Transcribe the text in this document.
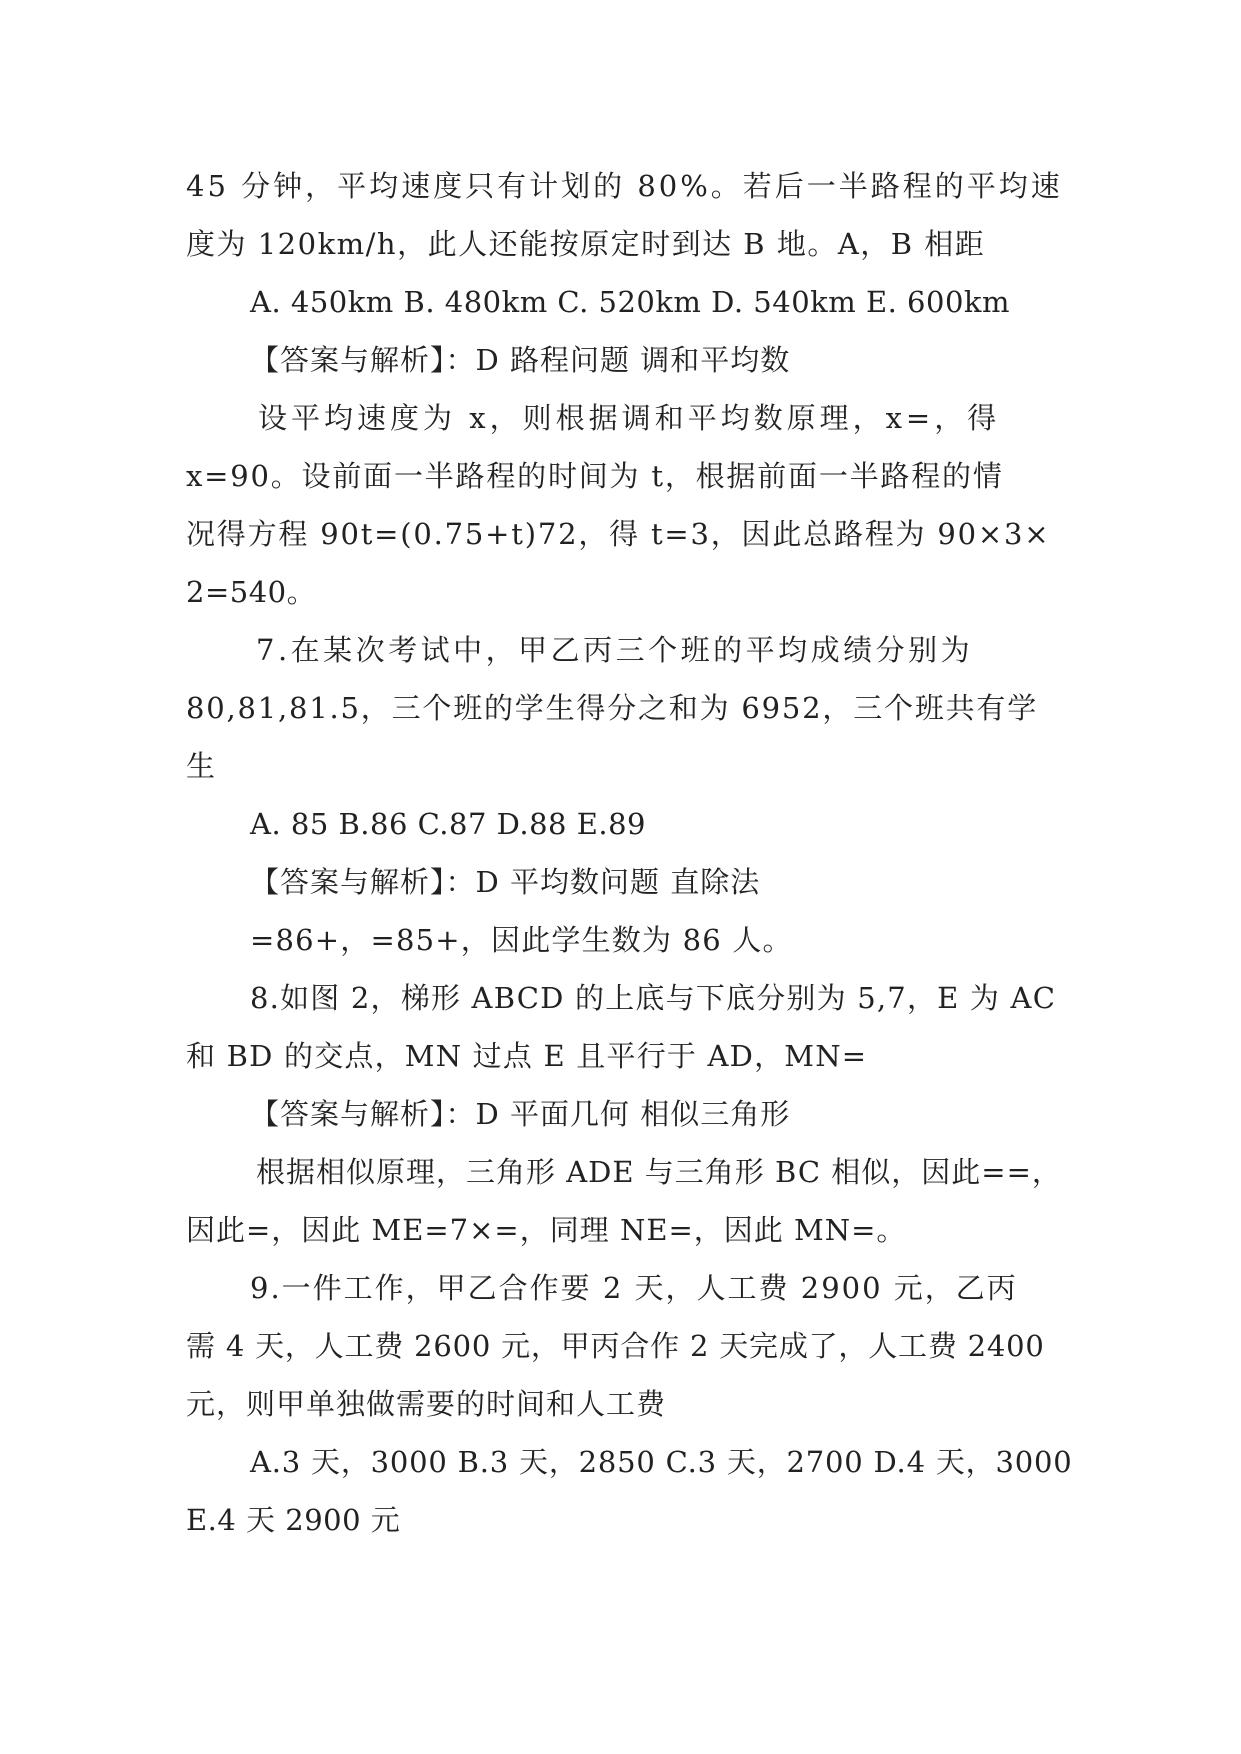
45 分钟，平均速度只有计划的 80%。若后一半路程的平均速
度为 120km/h，此人还能按原定时到达 B 地。A，B 相距
A. 450km B. 480km C. 520km D. 540km E. 600km
【答案与解析】：D 路程问题 调和平均数
设平均速度为 x，则根据调和平均数原理，x=，得
x=90。设前面一半路程的时间为 t，根据前面一半路程的情
况得方程 90t=(0.75+t)72，得 t=3，因此总路程为 90×3×
2=540。
7.在某次考试中，甲乙丙三个班的平均成绩分别为
80,81,81.5，三个班的学生得分之和为 6952，三个班共有学
生
A. 85 B.86 C.87 D.88 E.89
【答案与解析】：D 平均数问题 直除法
=86+，=85+，因此学生数为 86 人。
8.如图 2，梯形 ABCD 的上底与下底分别为 5,7，E 为 AC
和 BD 的交点，MN 过点 E 且平行于 AD，MN=
【答案与解析】：D 平面几何 相似三角形
根据相似原理，三角形 ADE 与三角形 BC 相似，因此==，
因此=，因此 ME=7×=，同理 NE=，因此 MN=。
9.一件工作，甲乙合作要 2 天，人工费 2900 元，乙丙
需 4 天，人工费 2600 元，甲丙合作 2 天完成了，人工费 2400
元，则甲单独做需要的时间和人工费
A.3 天，3000 B.3 天，2850 C.3 天，2700 D.4 天，3000
E.4 天 2900 元
